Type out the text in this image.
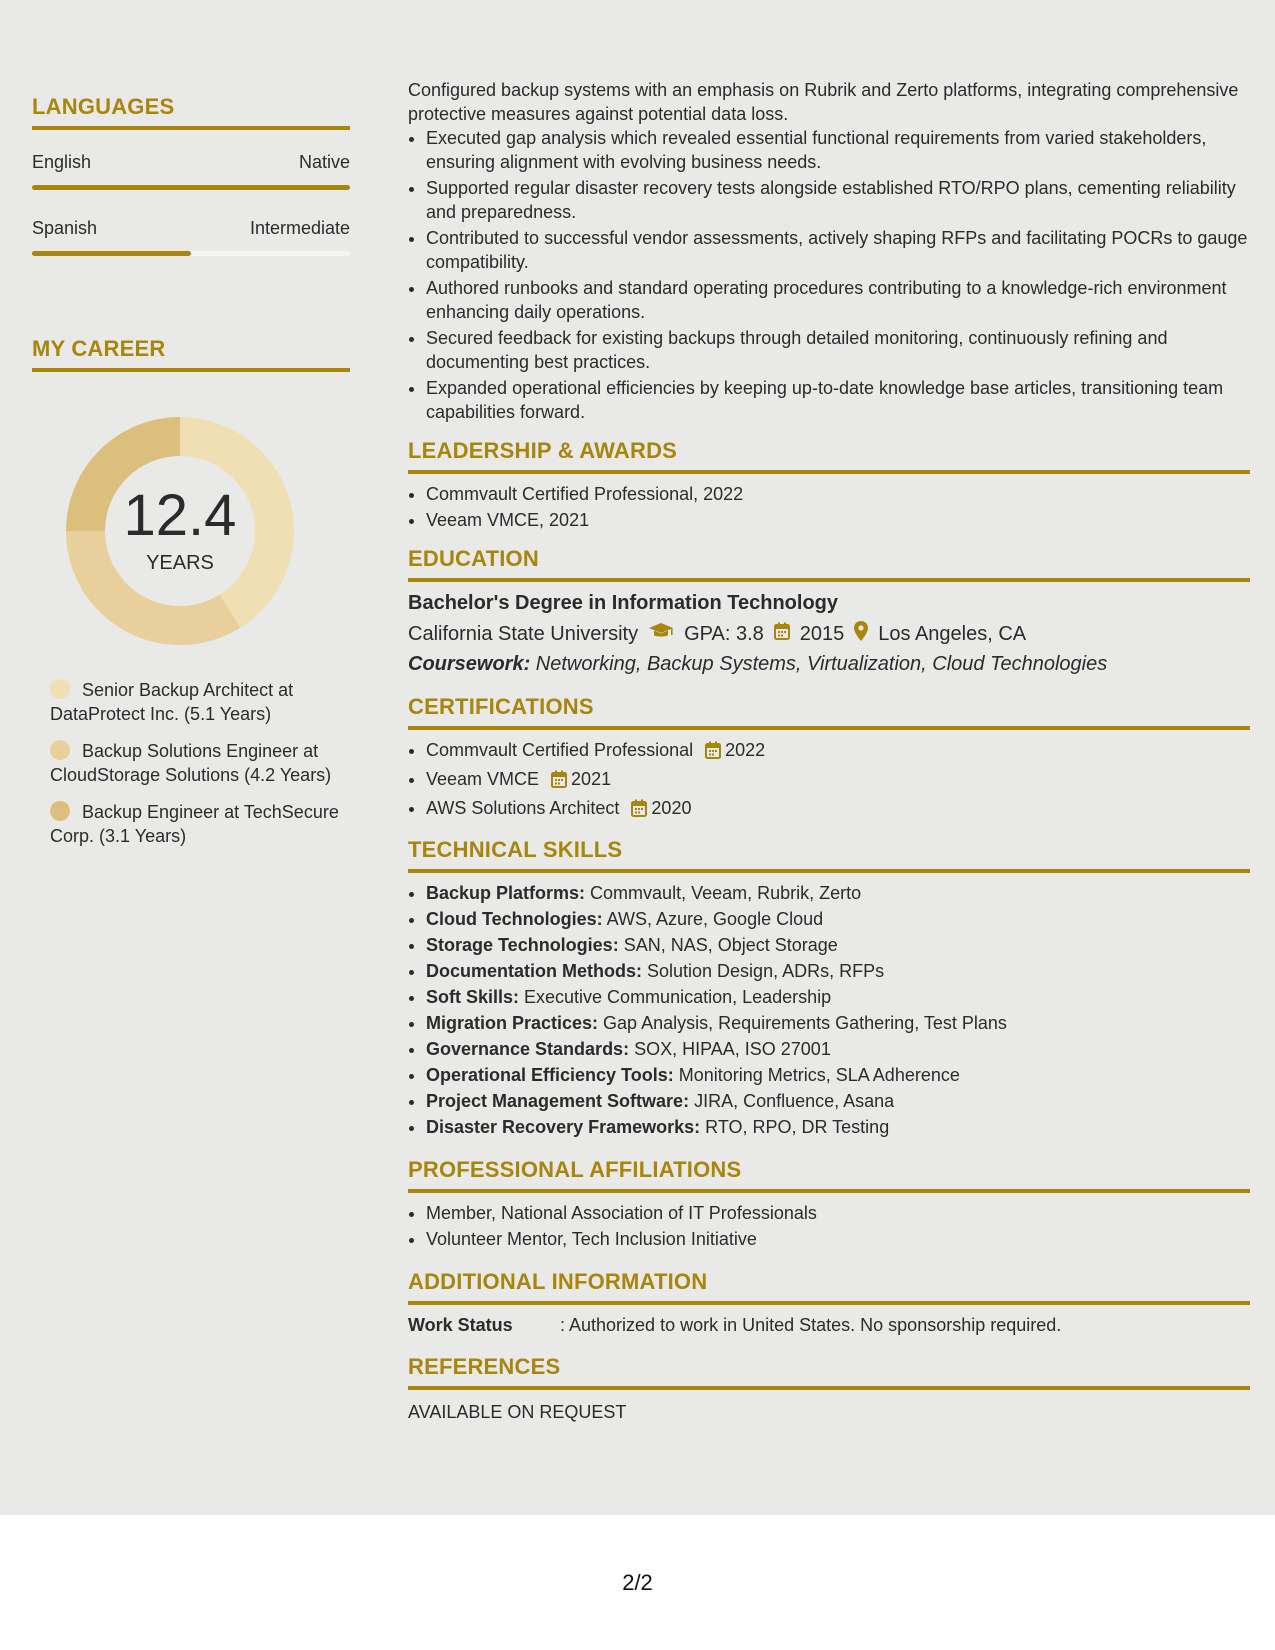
LANGUAGES
English	Native
Spanish	Intermediate
MY CAREER
12.4
YEARS
Senior Backup Architect at DataProtect Inc. (5.1 Years)
Backup Solutions Engineer at CloudStorage Solutions (4.2 Years)
Backup Engineer at TechSecure Corp. (3.1 Years)

Configured backup systems with an emphasis on Rubrik and Zerto platforms, integrating comprehensive protective measures against potential data loss.

• Executed gap analysis which revealed essential functional requirements from varied stakeholders, ensuring alignment with evolving business needs.
• Supported regular disaster recovery tests alongside established RTO/RPO plans, cementing reliability and preparedness.
• Contributed to successful vendor assessments, actively shaping RFPs and facilitating POCRs to gauge compatibility.
• Authored runbooks and standard operating procedures contributing to a knowledge-rich environment enhancing daily operations.
• Secured feedback for existing backups through detailed monitoring, continuously refining and documenting best practices.
• Expanded operational efficiencies by keeping up-to-date knowledge base articles, transitioning team capabilities forward.
LEADERSHIP & AWARDS
• Commvault Certified Professional, 2022
• Veeam VMCE, 2021
EDUCATION
Bachelor's Degree in Information Technology
California State University GPA: 3.8 2015 Los Angeles, CA
Coursework: Networking, Backup Systems, Virtualization, Cloud Technologies
CERTIFICATIONS
• Commvault Certified Professional 2022
• Veeam VMCE 2021
• AWS Solutions Architect 2020
TECHNICAL SKILLS
• Backup Platforms: Commvault, Veeam, Rubrik, Zerto
• Cloud Technologies: AWS, Azure, Google Cloud
• Storage Technologies: SAN, NAS, Object Storage
• Documentation Methods: Solution Design, ADRs, RFPs
• Soft Skills: Executive Communication, Leadership
• Migration Practices: Gap Analysis, Requirements Gathering, Test Plans
• Governance Standards: SOX, HIPAA, ISO 27001
• Operational Efficiency Tools: Monitoring Metrics, SLA Adherence
• Project Management Software: JIRA, Confluence, Asana
• Disaster Recovery Frameworks: RTO, RPO, DR Testing
PROFESSIONAL AFFILIATIONS
• Member, National Association of IT Professionals
• Volunteer Mentor, Tech Inclusion Initiative
ADDITIONAL INFORMATION
Work Status	: Authorized to work in United States. No sponsorship required.
REFERENCES
AVAILABLE ON REQUEST
2/2
